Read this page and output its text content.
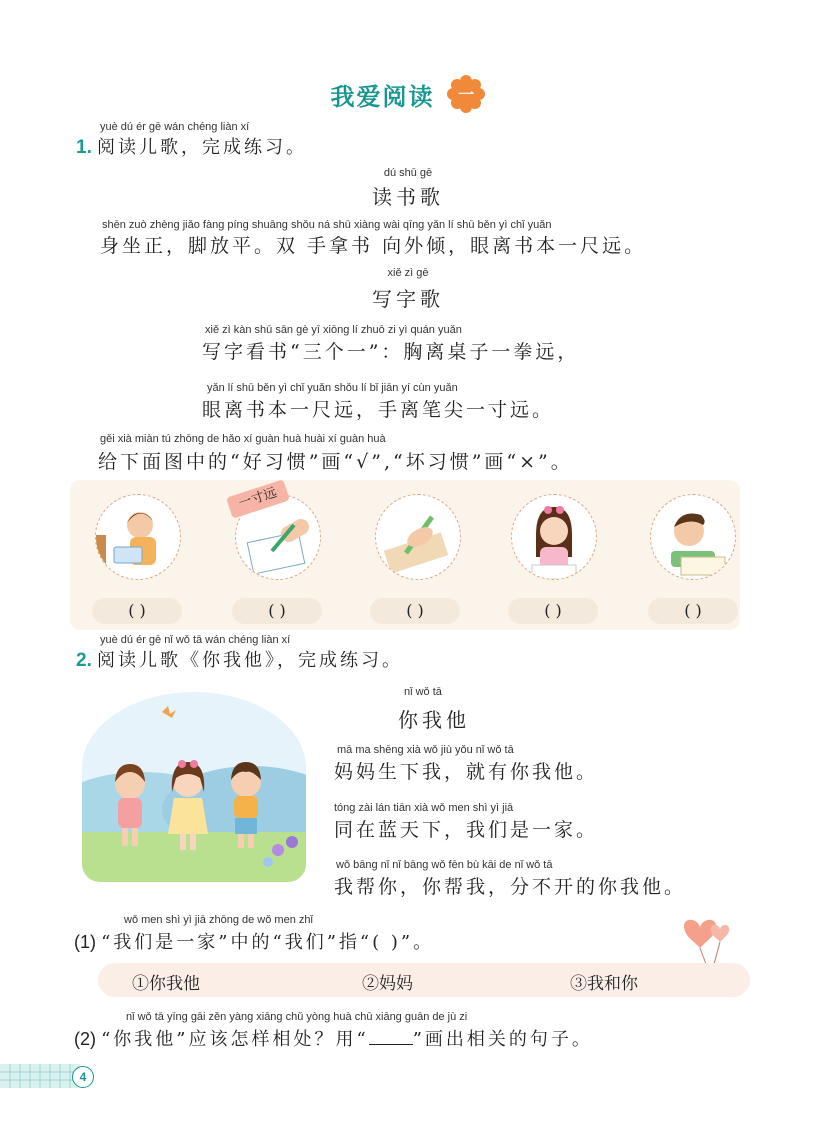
我爱阅读 一
yuè dú ér gē wán chéng liàn xí
1. 阅读儿歌，完成练习。
dú shū gē
读书歌
shēn zuò zhèng jiǎo fàng píng shuāng shǒu ná shū xiàng wài qīng yǎn lí shū běn yì chǐ yuǎn
身坐正，脚放平。双 手拿书 向外倾，眼离书本一尺远。
xiě zì gē
写字歌
xiě zì kàn shū sān gè yī xiōng lí zhuō zi yì quán yuǎn
写字看书“三个一”：胸离桌子一拳远，
yǎn lí shū běn yì chǐ yuǎn shǒu lí bǐ jiān yí cùn yuǎn
眼离书本一尺远，手离笔尖一寸远。
gěi xià miàn tú zhōng de hǎo xí guàn huà huài xí guàn huà
给下面图中的“好习惯”画“√”,“坏习惯”画“×”。
一寸远
( )	( )	( )	( )	( )
yuè dú ér gē nǐ wǒ tā wán chéng liàn xí
2. 阅读儿歌《你我他》，完成练习。
nǐ wǒ tā
你我他
mā ma shēng xià wǒ jiù yǒu nǐ wǒ tā
妈妈生下我，就有你我他。
tóng zài lán tiān xià wǒ men shì yì jiā
同在蓝天下，我们是一家。
wǒ bāng nǐ nǐ bāng wǒ fēn bù kāi de nǐ wǒ tā
我帮你，你帮我，分不开的你我他。
wǒ men shì yì jiā zhōng de wǒ men zhǐ
(1) “我们是一家”中的“我们”指“( )”。
①你我他	②妈妈	③我和你
nǐ wǒ tā yīng gāi zěn yàng xiāng chǔ yòng huà chū xiāng guān de jù zi
(2) “你我他”应该怎样相处？用“ ”画出相关的句子。
4
